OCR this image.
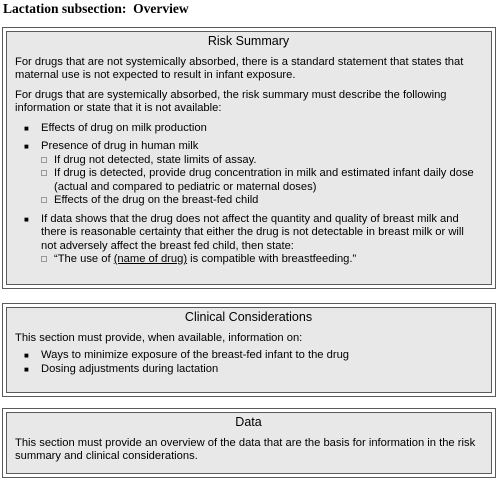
Lactation subsection:  Overview
Risk Summary

For drugs that are not systemically absorbed, there is a standard statement that states that maternal use is not expected to result in infant exposure.

For drugs that are systemically absorbed, the risk summary must describe the following information or state that it is not available:

■ Effects of drug on milk production
■ Presence of drug in human milk
If drug not detected, state limits of assay.
If drug is detected, provide drug concentration in milk and estimated infant daily dose (actual and compared to pediatric or maternal doses)
Effects of the drug on the breast-fed child
■ If data shows that the drug does not affect the quantity and quality of breast milk and there is reasonable certainty that either the drug is not detectable in breast milk or will not adversely affect the breast fed child, then state:
“The use of (name of drug) is compatible with breastfeeding.”
Clinical Considerations

This section must provide, when available, information on:

■ Ways to minimize exposure of the breast-fed infant to the drug
■ Dosing adjustments during lactation
Data

This section must provide an overview of the data that are the basis for information in the risk summary and clinical considerations.
